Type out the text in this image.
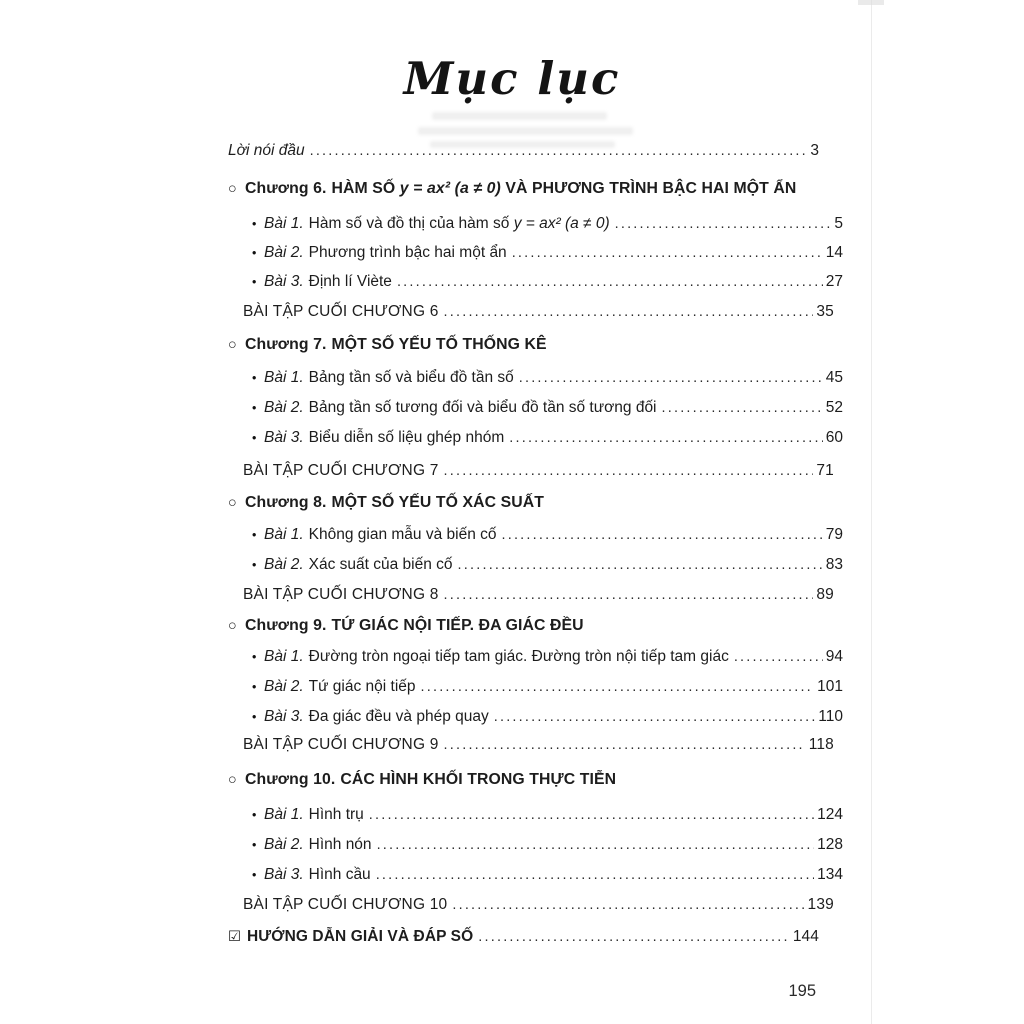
Mục lục
Lời nói đầu .....	3
○ Chương 6. HÀM SỐ y = ax² (a ≠ 0) VÀ PHƯƠNG TRÌNH BẬC HAI MỘT ẨN
• Bài 1. Hàm số và đồ thị của hàm số y = ax² (a ≠ 0) .....	5
• Bài 2. Phương trình bậc hai một ẩn .....	14
• Bài 3. Định lí Viète .....	27
BÀI TẬP CUỐI CHƯƠNG 6 .....	35
○ Chương 7. MỘT SỐ YẾU TỐ THỐNG KÊ
• Bài 1. Bảng tần số và biểu đồ tần số .....	45
• Bài 2. Bảng tần số tương đối và biểu đồ tần số tương đối .....	52
• Bài 3. Biểu diễn số liệu ghép nhóm .....	60
BÀI TẬP CUỐI CHƯƠNG 7 .....	71
○ Chương 8. MỘT SỐ YẾU TỐ XÁC SUẤT
• Bài 1. Không gian mẫu và biến cố .....	79
• Bài 2. Xác suất của biến cố .....	83
BÀI TẬP CUỐI CHƯƠNG 8 .....	89
○ Chương 9. TỨ GIÁC NỘI TIẾP. ĐA GIÁC ĐỀU
• Bài 1. Đường tròn ngoại tiếp tam giác. Đường tròn nội tiếp tam giác .....	94
• Bài 2. Tứ giác nội tiếp .....	101
• Bài 3. Đa giác đều và phép quay .....	110
BÀI TẬP CUỐI CHƯƠNG 9 .....	118
○ Chương 10. CÁC HÌNH KHỐI TRONG THỰC TIỄN
• Bài 1. Hình trụ .....	124
• Bài 2. Hình nón .....	128
• Bài 3. Hình cầu .....	134
BÀI TẬP CUỐI CHƯƠNG 10 .....	139
☑ HƯỚNG DẪN GIẢI VÀ ĐÁP SỐ .....	144
195
